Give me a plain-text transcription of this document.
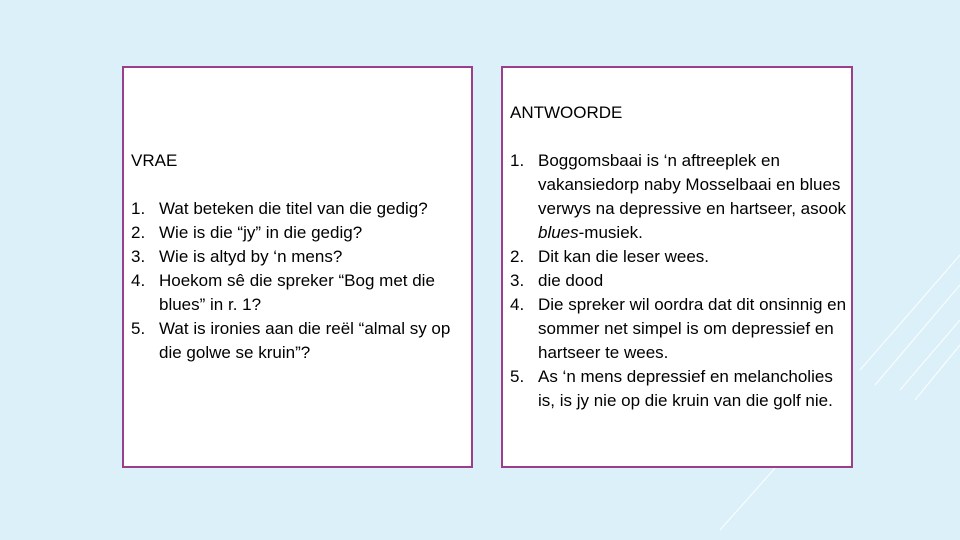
VRAE
1. Wat beteken die titel van die gedig?
2. Wie is die “jy” in die gedig?
3. Wie is altyd by ‘n mens?
4. Hoekom sê die spreker “Bog met die blues” in r. 1?
5. Wat is ironies aan die reël “almal sy op die golwe se kruin”?
ANTWOORDE
1. Boggomsbaai is ‘n aftreeplek en vakansiedorp naby Mosselbaai en blues verwys na depressive en hartseer, asook blues-musiek.
2. Dit kan die leser wees.
3. die dood
4. Die spreker wil oordra dat dit onsinnig en sommer net simpel is om depressief en hartseer te wees.
5. As ‘n mens depressief en melancholies is, is jy nie op die kruin van die golf nie.
